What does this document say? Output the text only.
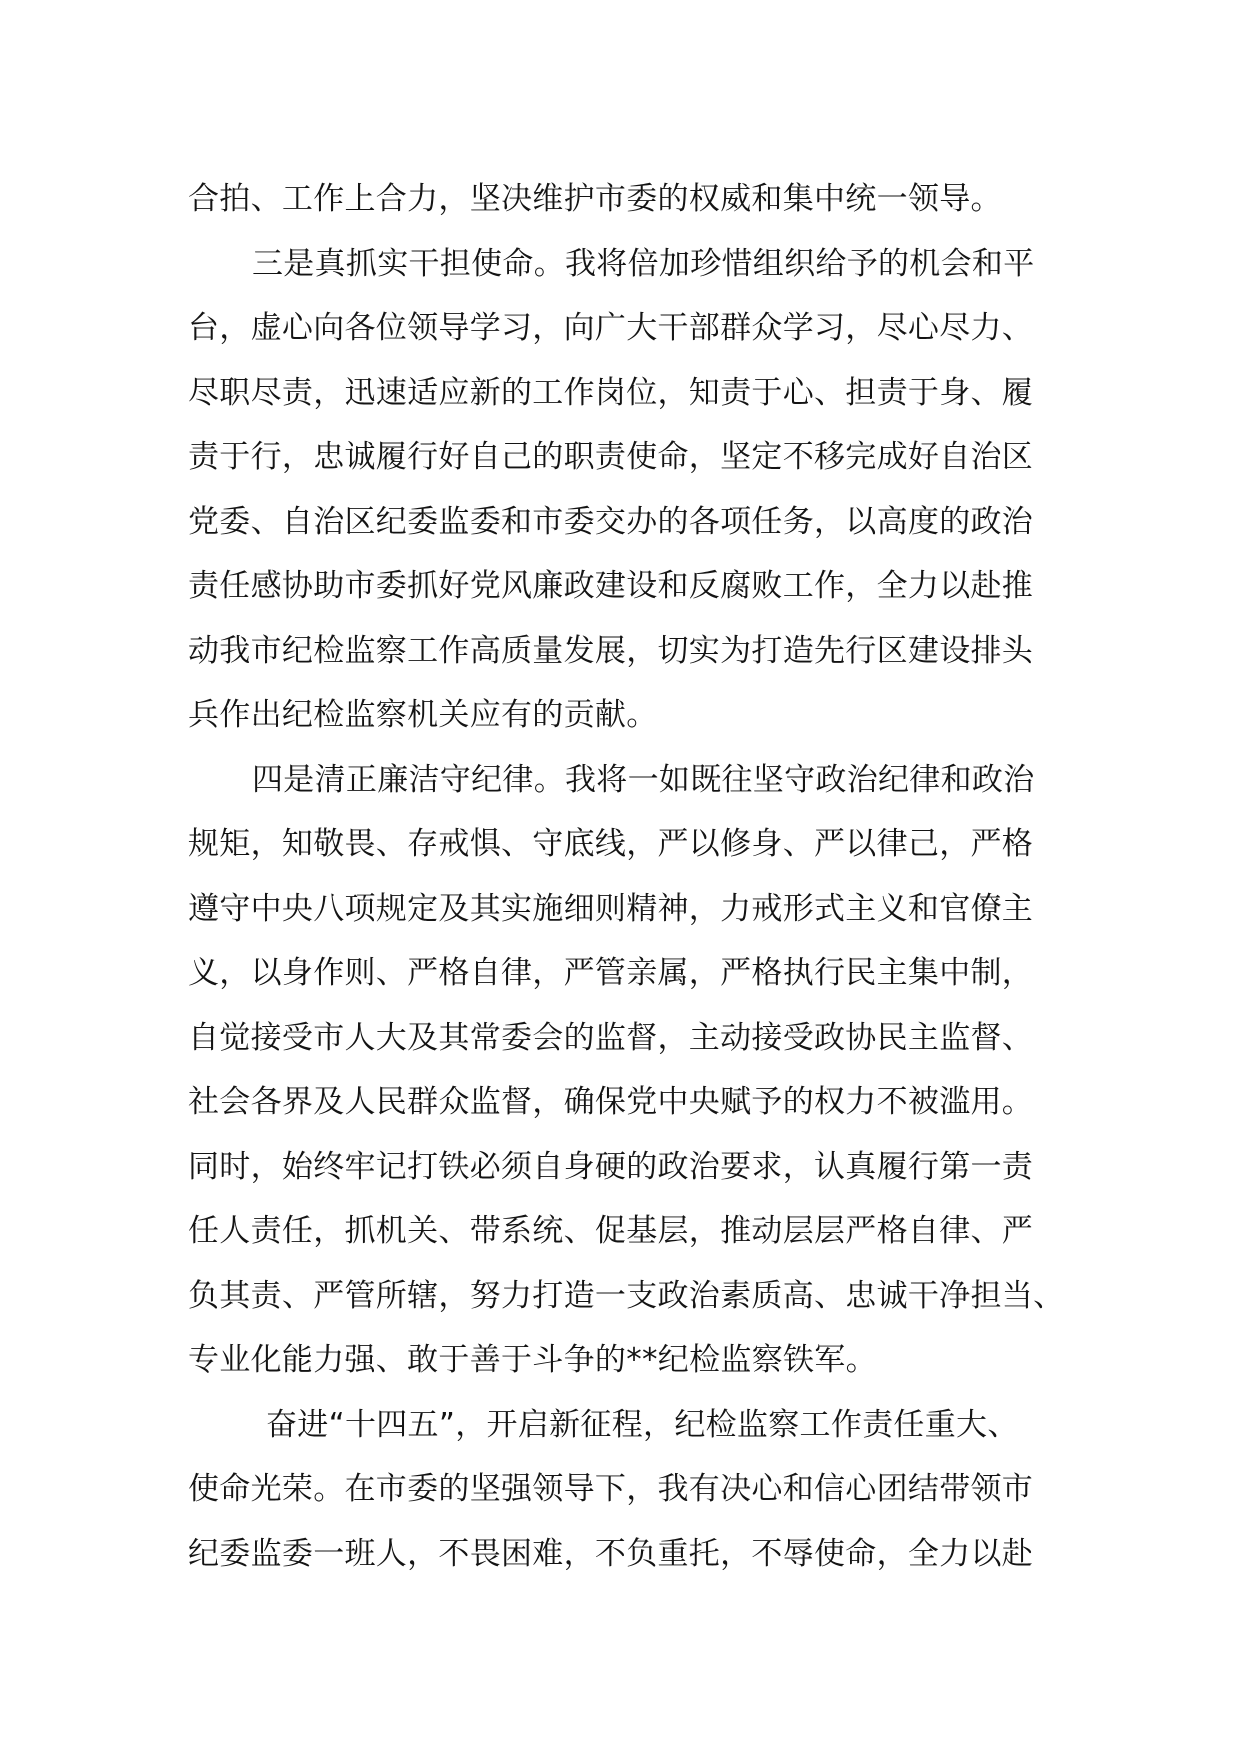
合拍、工作上合力，坚决维护市委的权威和集中统一领导。
三是真抓实干担使命。我将倍加珍惜组织给予的机会和平
台，虚心向各位领导学习，向广大干部群众学习，尽心尽力、
尽职尽责，迅速适应新的工作岗位，知责于心、担责于身、履
责于行，忠诚履行好自己的职责使命，坚定不移完成好自治区
党委、自治区纪委监委和市委交办的各项任务，以高度的政治
责任感协助市委抓好党风廉政建设和反腐败工作，全力以赴推
动我市纪检监察工作高质量发展，切实为打造先行区建设排头
兵作出纪检监察机关应有的贡献。
四是清正廉洁守纪律。我将一如既往坚守政治纪律和政治
规矩，知敬畏、存戒惧、守底线，严以修身、严以律己，严格
遵守中央八项规定及其实施细则精神，力戒形式主义和官僚主
义，以身作则、严格自律，严管亲属，严格执行民主集中制，
自觉接受市人大及其常委会的监督，主动接受政协民主监督、
社会各界及人民群众监督，确保党中央赋予的权力不被滥用。
同时，始终牢记打铁必须自身硬的政治要求，认真履行第一责
任人责任，抓机关、带系统、促基层，推动层层严格自律、严
负其责、严管所辖，努力打造一支政治素质高、忠诚干净担当、
专业化能力强、敢于善于斗争的**纪检监察铁军。
奋进“十四五”，开启新征程，纪检监察工作责任重大、
使命光荣。在市委的坚强领导下，我有决心和信心团结带领市
纪委监委一班人，不畏困难，不负重托，不辱使命，全力以赴
